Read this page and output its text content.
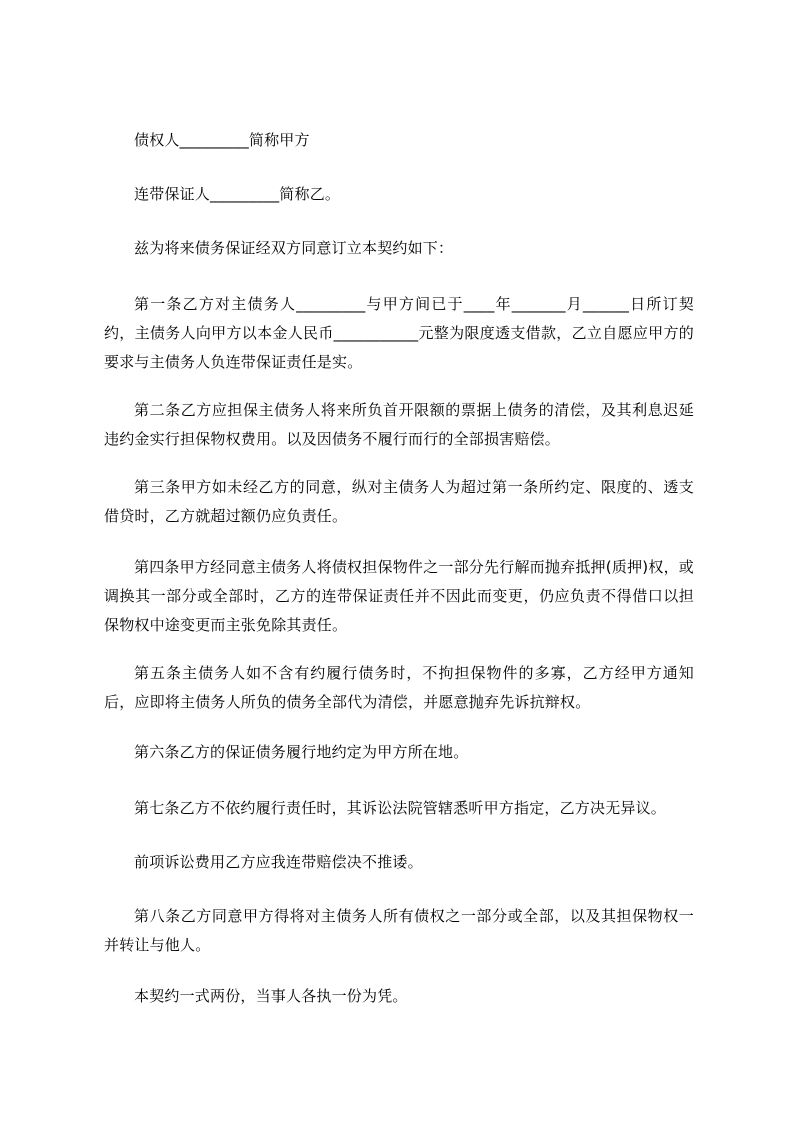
债权人_________简称甲方

连带保证人_________简称乙。

兹为将来债务保证经双方同意订立本契约如下：

第一条乙方对主债务人_________与甲方间已于____年_______月______日所订契约，主债务人向甲方以本金人民币___________元整为限度透支借款，乙立自愿应甲方的要求与主债务人负连带保证责任是实。

第二条乙方应担保主债务人将来所负首开限额的票据上债务的清偿，及其利息迟延违约金实行担保物权费用。以及因债务不履行而行的全部损害赔偿。

第三条甲方如未经乙方的同意，纵对主债务人为超过第一条所约定、限度的、透支借贷时，乙方就超过额仍应负责任。

第四条甲方经同意主债务人将债权担保物件之一部分先行解而抛弃抵押(质押)权，或调换其一部分或全部时，乙方的连带保证责任并不因此而变更，仍应负责不得借口以担保物权中途变更而主张免除其责任。

第五条主债务人如不含有约履行债务时，不拘担保物件的多寡，乙方经甲方通知后，应即将主债务人所负的债务全部代为清偿，并愿意抛弃先诉抗辩权。

第六条乙方的保证债务履行地约定为甲方所在地。

第七条乙方不依约履行责任时，其诉讼法院管辖悉听甲方指定，乙方决无异议。

前项诉讼费用乙方应我连带赔偿决不推诿。

第八条乙方同意甲方得将对主债务人所有债权之一部分或全部，以及其担保物权一并转让与他人。

本契约一式两份，当事人各执一份为凭。
